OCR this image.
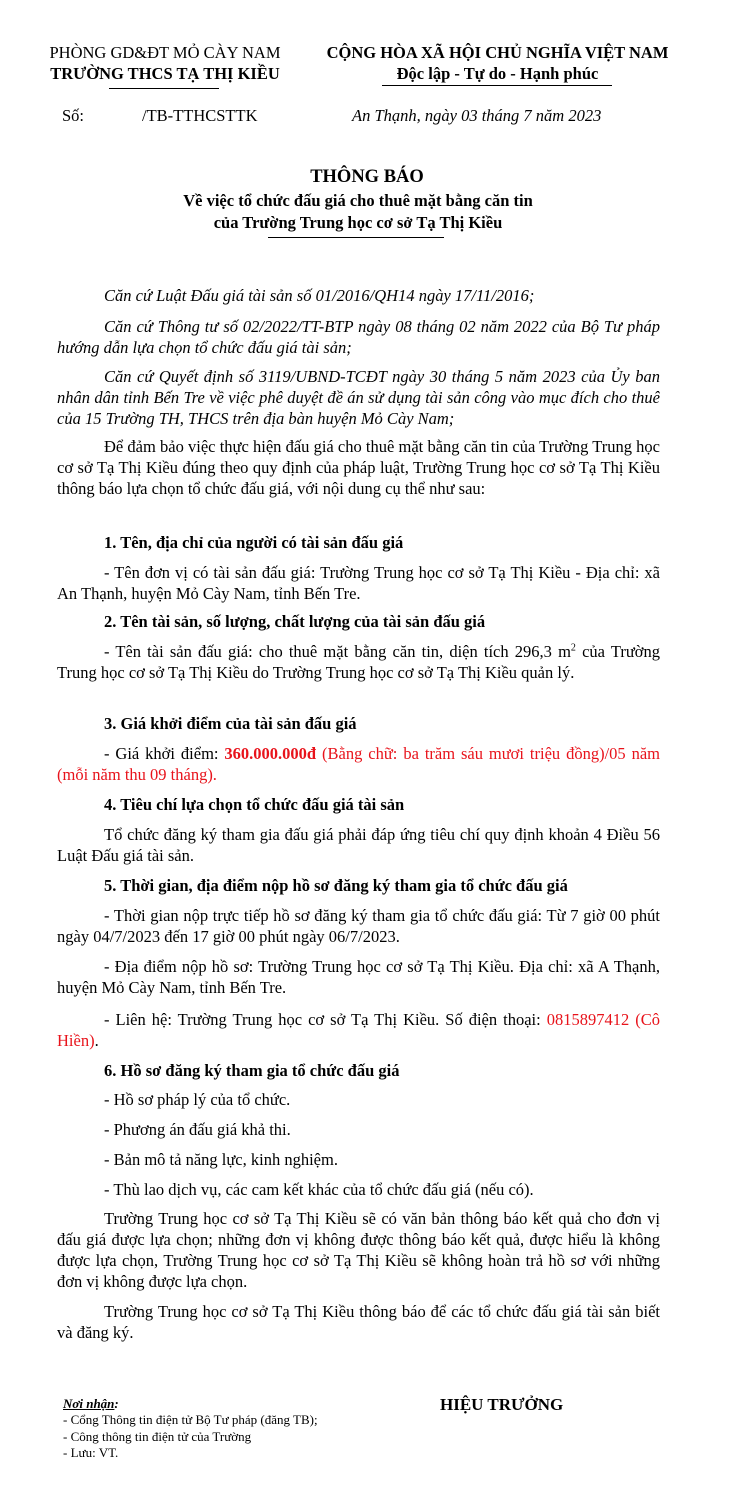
PHÒNG GD&ĐT MỎ CÀY NAM
TRƯỜNG THCS TẠ THỊ KIỀU
CỘNG HÒA XÃ HỘI CHỦ NGHĨA VIỆT NAM
Độc lập - Tự do - Hạnh phúc
Số:	/TB-TTHCSTTK	An Thạnh, ngày 03 tháng 7 năm 2023
THÔNG BÁO
Về việc tổ chức đấu giá cho thuê mặt bằng căn tin
của Trường Trung học cơ sở Tạ Thị Kiều
Căn cứ Luật Đấu giá tài sản số 01/2016/QH14 ngày 17/11/2016;
Căn cứ Thông tư số 02/2022/TT-BTP ngày 08 tháng 02 năm 2022 của Bộ Tư pháp hướng dẫn lựa chọn tổ chức đấu giá tài sản;
Căn cứ Quyết định số 3119/UBND-TCĐT ngày 30 tháng 5 năm 2023 của Ủy ban nhân dân tỉnh Bến Tre về việc phê duyệt đề án sử dụng tài sản công vào mục đích cho thuê của 15 Trường TH, THCS trên địa bàn huyện Mỏ Cày Nam;
Để đảm bảo việc thực hiện đấu giá cho thuê mặt bằng căn tin của Trường Trung học cơ sở Tạ Thị Kiều đúng theo quy định của pháp luật, Trường Trung học cơ sở Tạ Thị Kiều thông báo lựa chọn tổ chức đấu giá, với nội dung cụ thể như sau:
1. Tên, địa chỉ của người có tài sản đấu giá
- Tên đơn vị có tài sản đấu giá: Trường Trung học cơ sở Tạ Thị Kiều - Địa chỉ: xã An Thạnh, huyện Mỏ Cày Nam, tỉnh Bến Tre.
2. Tên tài sản, số lượng, chất lượng của tài sản đấu giá
- Tên tài sản đấu giá: cho thuê mặt bằng căn tin, diện tích 296,3 $m^2$ của Trường Trung học cơ sở Tạ Thị Kiều do Trường Trung học cơ sở Tạ Thị Kiều quản lý.
3. Giá khởi điểm của tài sản đấu giá
- Giá khởi điểm: 360.000.000đ (Bằng chữ: ba trăm sáu mươi triệu đồng)/05 năm (mỗi năm thu 09 tháng).
4. Tiêu chí lựa chọn tổ chức đấu giá tài sản
Tổ chức đăng ký tham gia đấu giá phải đáp ứng tiêu chí quy định khoản 4 Điều 56 Luật Đấu giá tài sản.
5. Thời gian, địa điểm nộp hồ sơ đăng ký tham gia tổ chức đấu giá
- Thời gian nộp trực tiếp hồ sơ đăng ký tham gia tổ chức đấu giá: Từ 7 giờ 00 phút ngày 04/7/2023 đến 17 giờ 00 phút ngày 06/7/2023.
- Địa điểm nộp hồ sơ: Trường Trung học cơ sở Tạ Thị Kiều. Địa chỉ: xã A Thạnh, huyện Mỏ Cày Nam, tỉnh Bến Tre.
- Liên hệ: Trường Trung học cơ sở Tạ Thị Kiều. Số điện thoại: 0815897412 (Cô Hiền).
6. Hồ sơ đăng ký tham gia tổ chức đấu giá
- Hồ sơ pháp lý của tổ chức.
- Phương án đấu giá khả thi.
- Bản mô tả năng lực, kinh nghiệm.
- Thù lao dịch vụ, các cam kết khác của tổ chức đấu giá (nếu có).
Trường Trung học cơ sở Tạ Thị Kiều sẽ có văn bản thông báo kết quả cho đơn vị đấu giá được lựa chọn; những đơn vị không được thông báo kết quả, được hiểu là không được lựa chọn, Trường Trung học cơ sở Tạ Thị Kiều sẽ không hoàn trả hồ sơ với những đơn vị không được lựa chọn.
Trường Trung học cơ sở Tạ Thị Kiều thông báo để các tổ chức đấu giá tài sản biết và đăng ký.
Nơi nhận:
- Cổng Thông tin điện tử Bộ Tư pháp (đăng TB);
- Công thông tin điện tử của Trường
- Lưu: VT.
HIỆU TRƯỞNG
